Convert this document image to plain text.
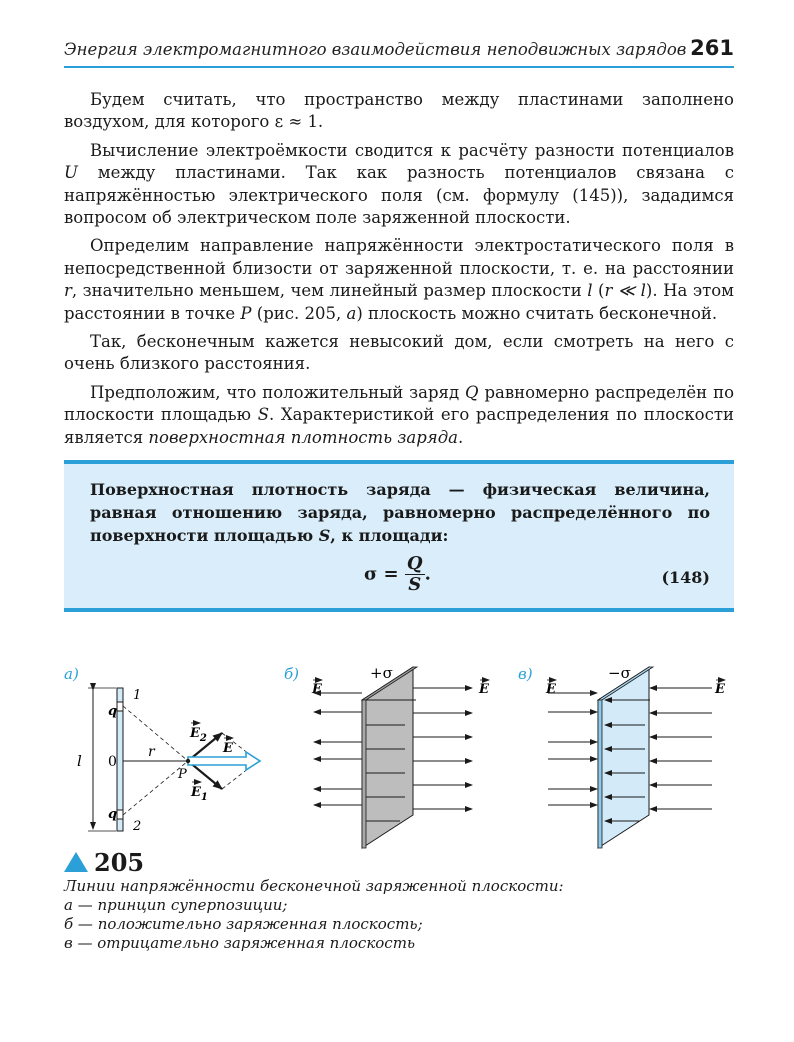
Энергия электромагнитного взаимодействия неподвижных зарядов 261

Будем считать, что пространство между пластинами заполнено воздухом, для которого ε ≈ 1.

Вычисление электроёмкости сводится к расчёту разности потенциалов U между пластинами. Так как разность потенциалов связана с напряжённостью электрического поля (см. формулу (145)), зададимся вопросом об электрическом поле заряженной плоскости.

Определим направление напряжённости электростатического поля в непосредственной близости от заряженной плоскости, т. е. на расстоянии r, значительно меньшем, чем линейный размер плоскости l (r ≪ l). На этом расстоянии в точке P (рис. 205, а) плоскость можно считать бесконечной.

Так, бесконечным кажется невысокий дом, если смотреть на него с очень близкого расстояния.

Предположим, что положительный заряд Q равномерно распределён по плоскости площадью S. Характеристикой его распределения по плоскости является поверхностная плотность заряда.

Поверхностная плотность заряда — физическая величина, равная отношению заряда, равномерно распределённого по поверхности площадью S, к площади:
$\sigma = \frac{Q}{S}$ .	(148)
а)
l 0
q
q
1
2
r
P
$E_2$
$E_1$
E
б)	+σ
E	E
в)	−σ
E	E
205
Линии напряжённости бесконечной заряженной плоскости:
а — принцип суперпозиции;
б — положительно заряженная плоскость;
в — отрицательно заряженная плоскость
